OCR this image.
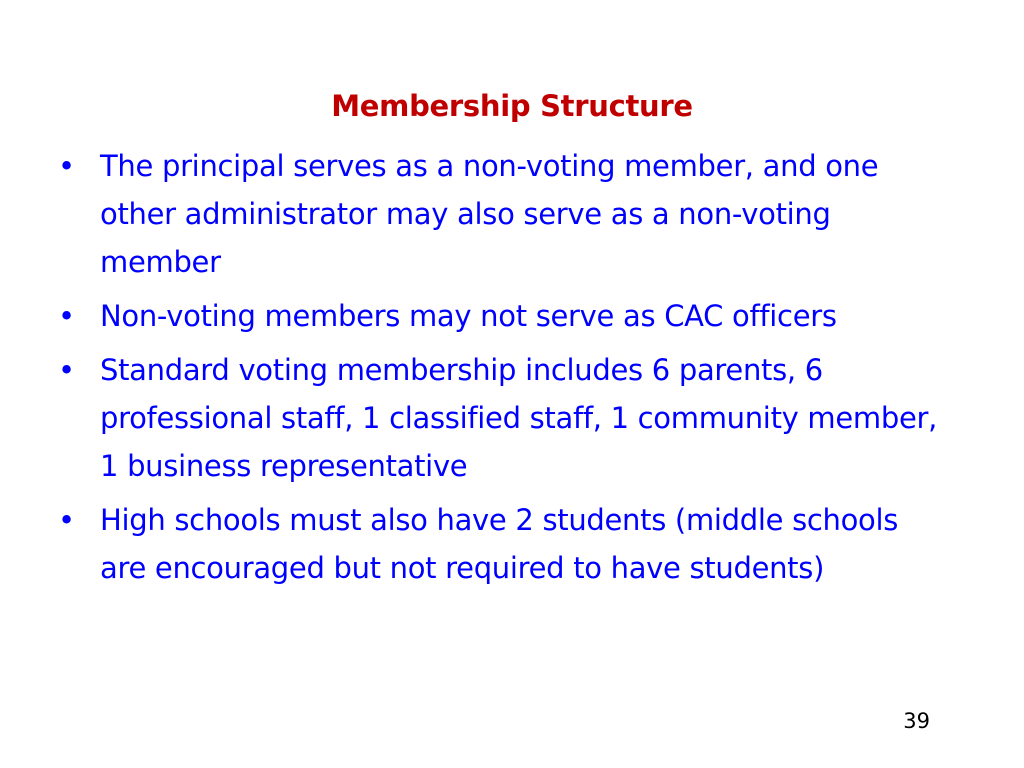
Membership Structure
• The principal serves as a non-voting member, and one other administrator may also serve as a non-voting member
• Non-voting members may not serve as CAC officers
• Standard voting membership includes 6 parents, 6 professional staff, 1 classified staff, 1 community member, 1 business representative
• High schools must also have 2 students (middle schools are encouraged but not required to have students)
39
